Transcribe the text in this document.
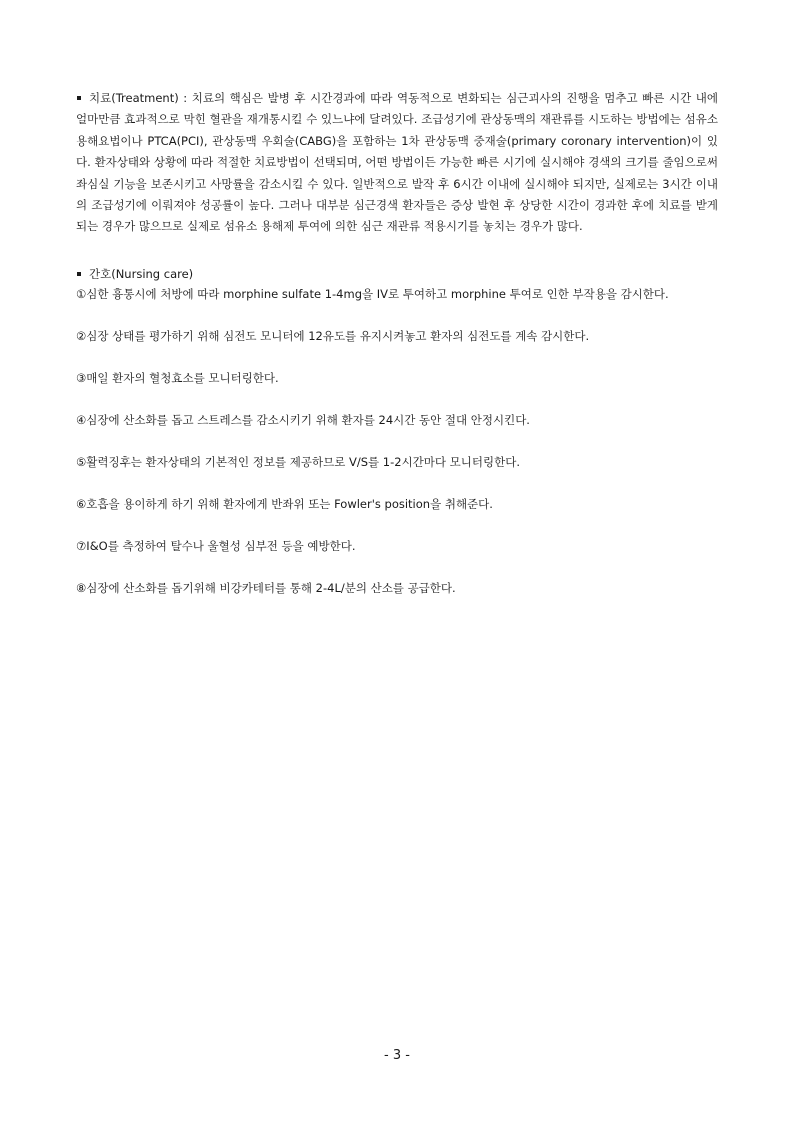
치료(Treatment) : 치료의 핵심은 발병 후 시간경과에 따라 역동적으로 변화되는 심근괴사의 진행을 멈추고 빠른 시간 내에 얼마만큼 효과적으로 막힌 혈관을 재개통시킬 수 있느냐에 달려있다. 조급성기에 관상동맥의 재관류를 시도하는 방법에는 섬유소 용해요법이나 PTCA(PCI), 관상동맥 우회술(CABG)을 포함하는 1차 관상동맥 중재술(primary coronary intervention)이 있다. 환자상태와 상황에 따라 적절한 치료방법이 선택되며, 어떤 방법이든 가능한 빠른 시기에 실시해야 경색의 크기를 줄임으로써 좌심실 기능을 보존시키고 사망률을 감소시킬 수 있다. 일반적으로 발작 후 6시간 이내에 실시해야 되지만, 실제로는 3시간 이내의 조급성기에 이뤄져야 성공률이 높다. 그러나 대부분 심근경색 환자들은 증상 발현 후 상당한 시간이 경과한 후에 치료를 받게 되는 경우가 많으므로 실제로 섬유소 용해제 투여에 의한 심근 재관류 적용시기를 놓치는 경우가 많다.

간호(Nursing care)

①심한 흉통시에 처방에 따라 morphine sulfate 1-4mg을 IV로 투여하고 morphine 투여로 인한 부작용을 감시한다.

②심장 상태를 평가하기 위해 심전도 모니터에 12유도를 유지시켜놓고 환자의 심전도를 계속 감시한다.

③매일 환자의 혈청효소를 모니터링한다.

④심장에 산소화를 돕고 스트레스를 감소시키기 위해 환자를 24시간 동안 절대 안정시킨다.

⑤활력징후는 환자상태의 기본적인 정보를 제공하므로 V/S를 1-2시간마다 모니터링한다.

⑥호흡을 용이하게 하기 위해 환자에게 반좌위 또는 Fowler's position을 취해준다.

⑦I&O를 측정하여 탈수나 울혈성 심부전 등을 예방한다.

⑧심장에 산소화를 돕기위해 비강카테터를 통해 2-4L/분의 산소를 공급한다.

- 3 -
